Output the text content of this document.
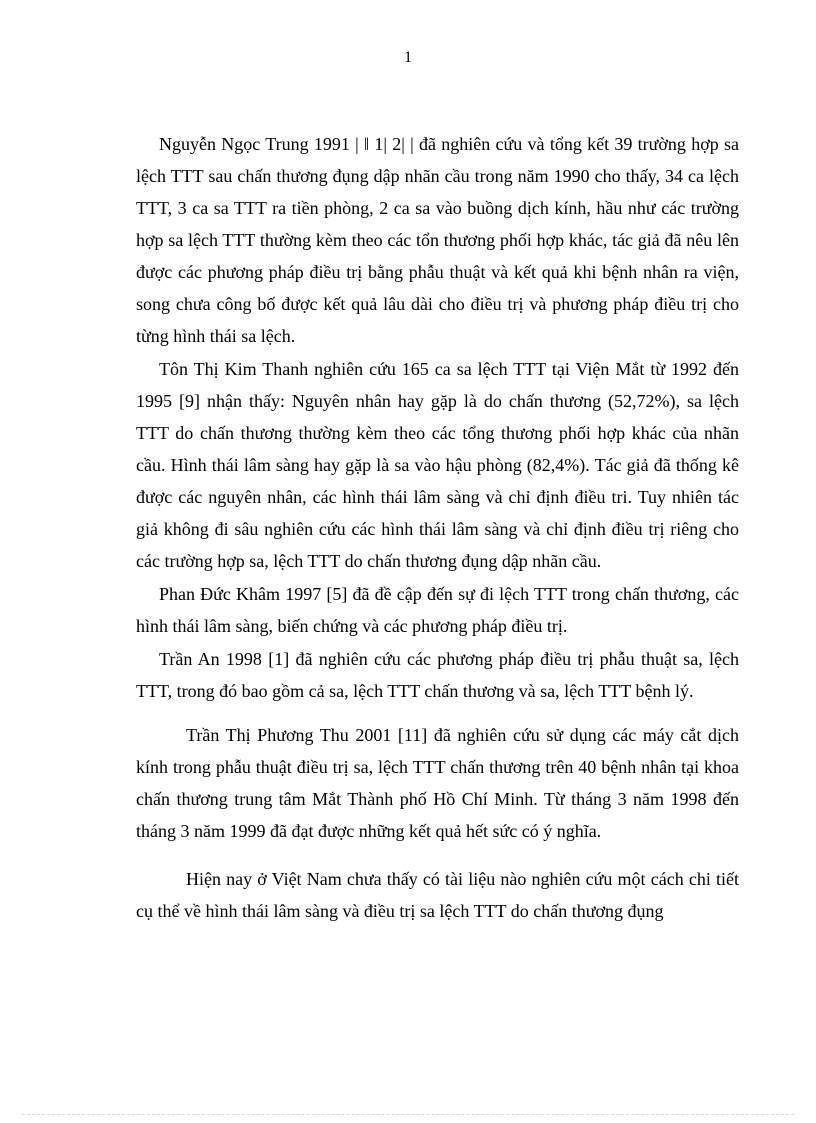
1

Nguyễn Ngọc Trung 1991 | ‖ 1| 2| | đã nghiên cứu và tổng kết 39 trường hợp sa lệch TTT sau chấn thương đụng dập nhãn cầu trong năm 1990 cho thấy, 34 ca lệch TTT, 3 ca sa TTT ra tiền phòng, 2 ca sa vào buồng dịch kính, hầu như các trường hợp sa lệch TTT thường kèm theo các tổn thương phối hợp khác, tác giả đã nêu lên được các phương pháp điều trị bằng phẫu thuật và kết quả khi bệnh nhân ra viện, song chưa công bố được kết quả lâu dài cho điều trị và phương pháp điều trị cho từng hình thái sa lệch.

Tôn Thị Kim Thanh nghiên cứu 165 ca sa lệch TTT tại Viện Mắt từ 1992 đến 1995 [9] nhận thấy: Nguyên nhân hay gặp là do chấn thương (52,72%), sa lệch TTT do chấn thương thường kèm theo các tổng thương phối hợp khác của nhãn cầu. Hình thái lâm sàng hay gặp là sa vào hậu phòng (82,4%). Tác giả đã thống kê được các nguyên nhân, các hình thái lâm sàng và chỉ định điều tri. Tuy nhiên tác giả không đi sâu nghiên cứu các hình thái lâm sàng và chỉ định điều trị riêng cho các trường hợp sa, lệch TTT do chấn thương đụng dập nhãn cầu.

Phan Đức Khâm 1997 [5] đã đề cập đến sự đi lệch TTT trong chấn thương, các hình thái lâm sàng, biến chứng và các phương pháp điều trị.

Trần An 1998 [1] đã nghiên cứu các phương pháp điều trị phẫu thuật sa, lệch TTT, trong đó bao gồm cả sa, lệch TTT chấn thương và sa, lệch TTT bệnh lý.

Trần Thị Phương Thu 2001 [11] đã nghiên cứu sử dụng các máy cắt dịch kính trong phẫu thuật điều trị sa, lệch TTT chấn thương trên 40 bệnh nhân tại khoa chấn thương trung tâm Mắt Thành phố Hồ Chí Minh. Từ tháng 3 năm 1998 đến tháng 3 năm 1999 đã đạt được những kết quả hết sức có ý nghĩa.

Hiện nay ở Việt Nam chưa thấy có tài liệu nào nghiên cứu một cách chi tiết cụ thể về hình thái lâm sàng và điều trị sa lệch TTT do chấn thương đụng
